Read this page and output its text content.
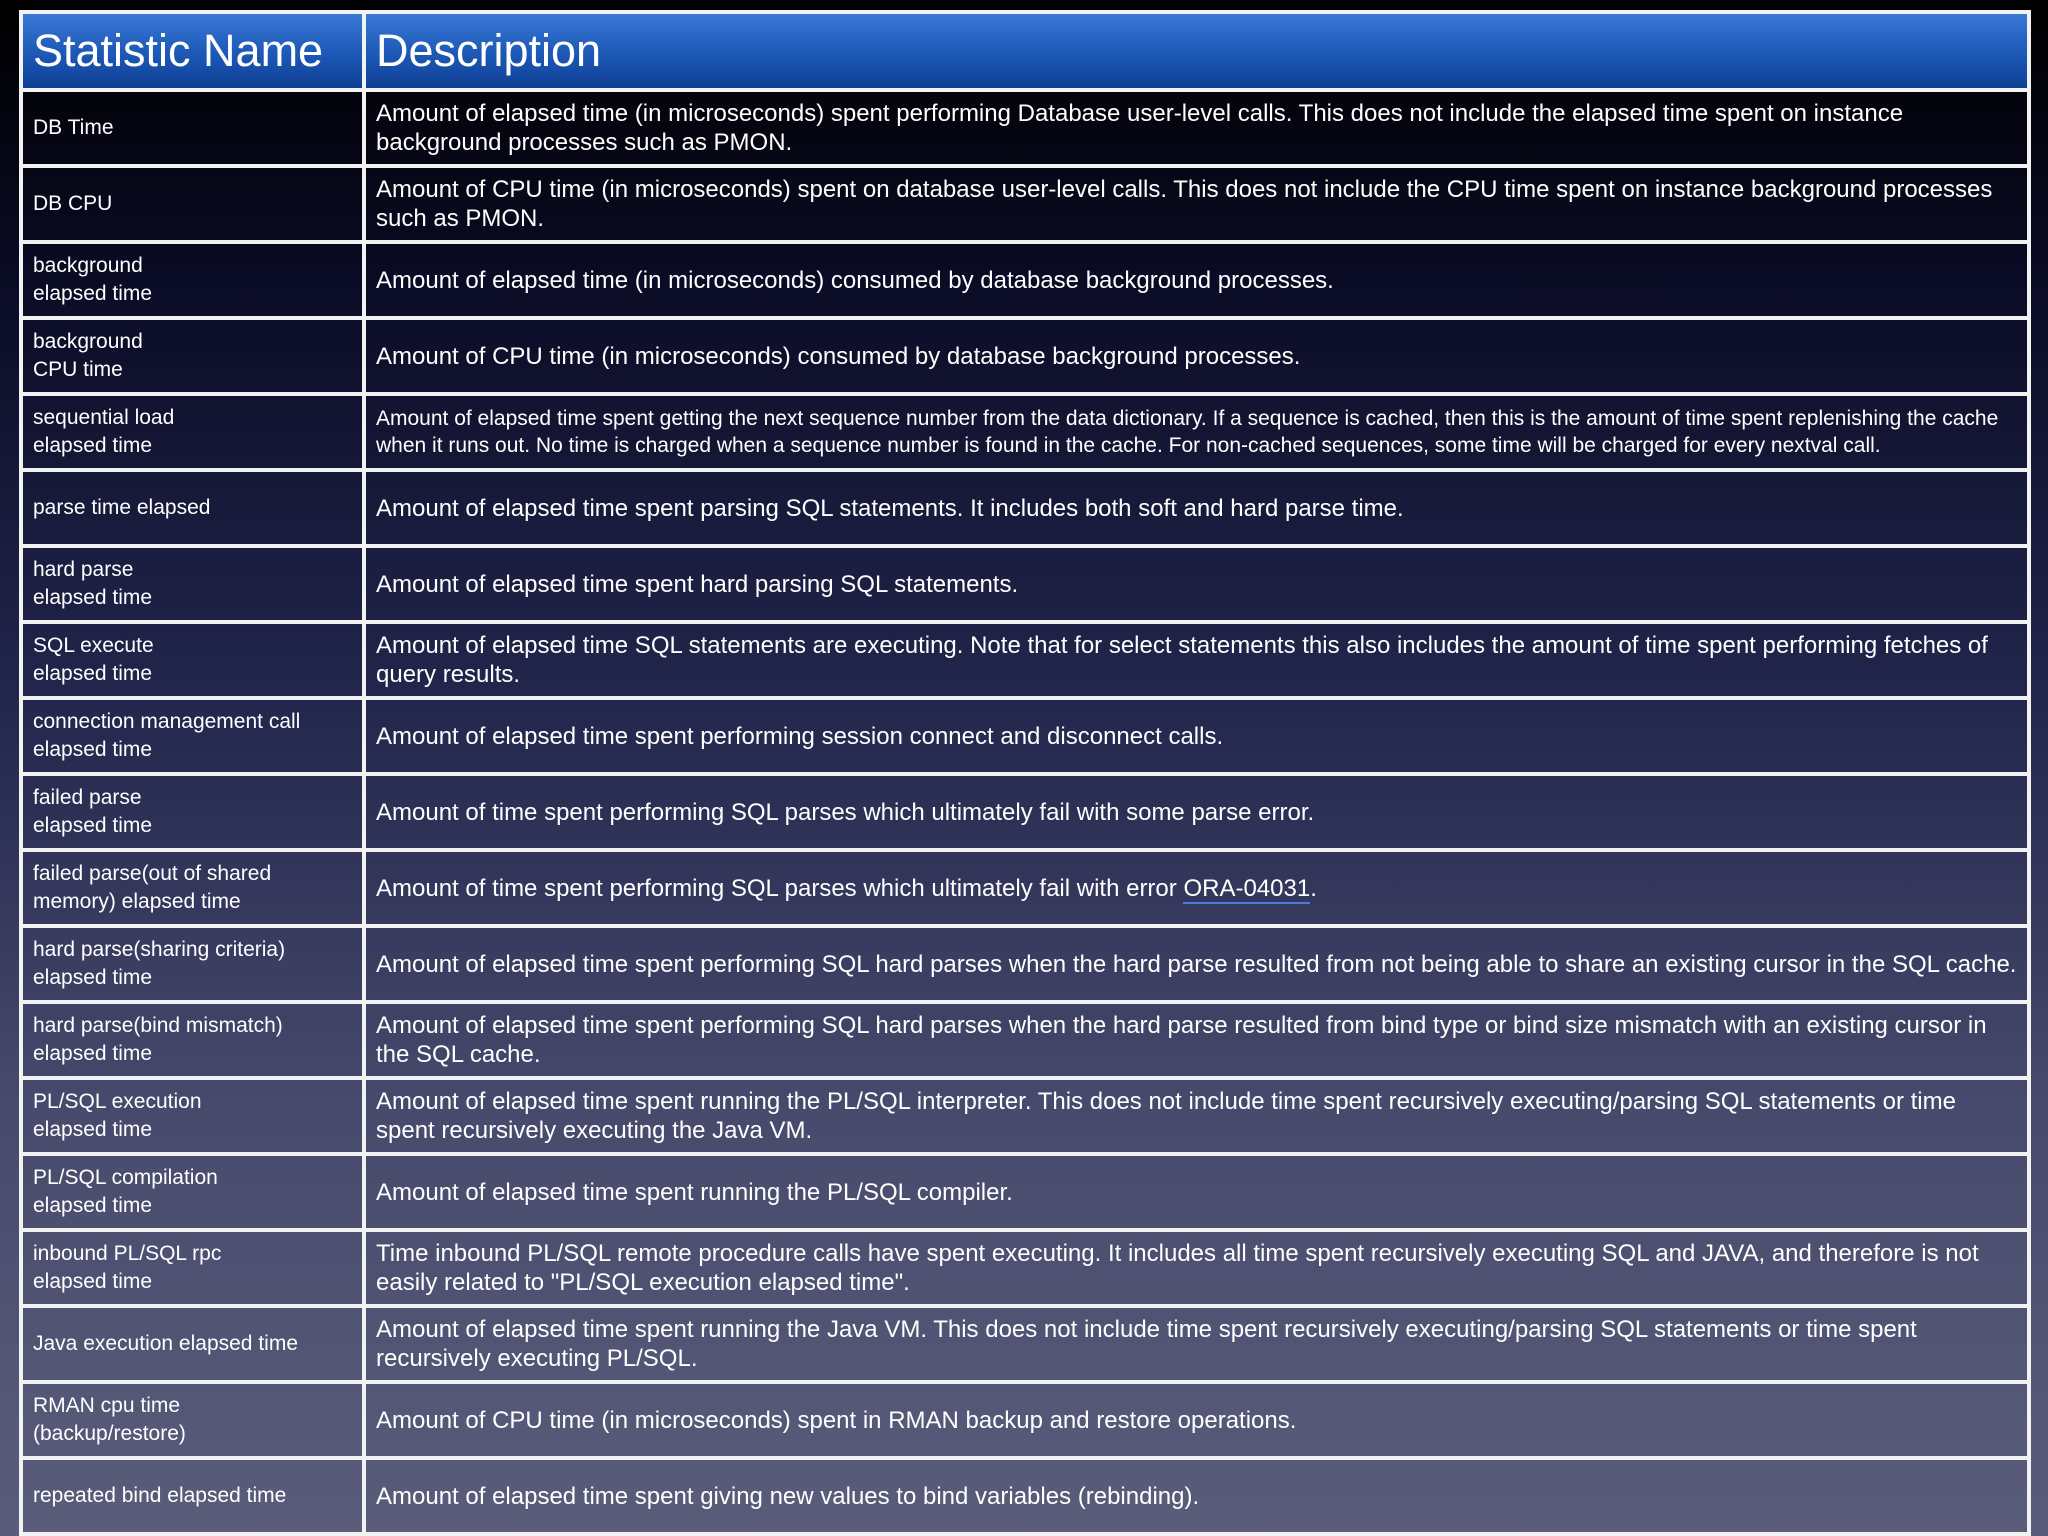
Statistic Name	Description
DB Time	Amount of elapsed time (in microseconds) spent performing Database user-level calls. This does not include the elapsed time spent on instance background processes such as PMON.
DB CPU	Amount of CPU time (in microseconds) spent on database user-level calls. This does not include the CPU time spent on instance background processes such as PMON.
background
elapsed time	Amount of elapsed time (in microseconds) consumed by database background processes.
background
CPU time	Amount of CPU time (in microseconds) consumed by database background processes.
sequential load
elapsed time	Amount of elapsed time spent getting the next sequence number from the data dictionary. If a sequence is cached, then this is the amount of time spent replenishing the cache when it runs out. No time is charged when a sequence number is found in the cache. For non-cached sequences, some time will be charged for every nextval call.
parse time elapsed	Amount of elapsed time spent parsing SQL statements. It includes both soft and hard parse time.
hard parse
elapsed time	Amount of elapsed time spent hard parsing SQL statements.
SQL execute
elapsed time	Amount of elapsed time SQL statements are executing. Note that for select statements this also includes the amount of time spent performing fetches of query results.
connection management call
elapsed time	Amount of elapsed time spent performing session connect and disconnect calls.
failed parse
elapsed time	Amount of time spent performing SQL parses which ultimately fail with some parse error.
failed parse(out of shared
memory) elapsed time	Amount of time spent performing SQL parses which ultimately fail with error ORA-04031.
hard parse(sharing criteria)
elapsed time	Amount of elapsed time spent performing SQL hard parses when the hard parse resulted from not being able to share an existing cursor in the SQL cache.
hard parse(bind mismatch)
elapsed time	Amount of elapsed time spent performing SQL hard parses when the hard parse resulted from bind type or bind size mismatch with an existing cursor in the SQL cache.
PL/SQL execution
elapsed time	Amount of elapsed time spent running the PL/SQL interpreter. This does not include time spent recursively executing/parsing SQL statements or time spent recursively executing the Java VM.
PL/SQL compilation
elapsed time	Amount of elapsed time spent running the PL/SQL compiler.
inbound PL/SQL rpc
elapsed time	Time inbound PL/SQL remote procedure calls have spent executing. It includes all time spent recursively executing SQL and JAVA, and therefore is not easily related to "PL/SQL execution elapsed time".
Java execution elapsed time	Amount of elapsed time spent running the Java VM. This does not include time spent recursively executing/parsing SQL statements or time spent recursively executing PL/SQL.
RMAN cpu time
(backup/restore)	Amount of CPU time (in microseconds) spent in RMAN backup and restore operations.
repeated bind elapsed time	Amount of elapsed time spent giving new values to bind variables (rebinding).
